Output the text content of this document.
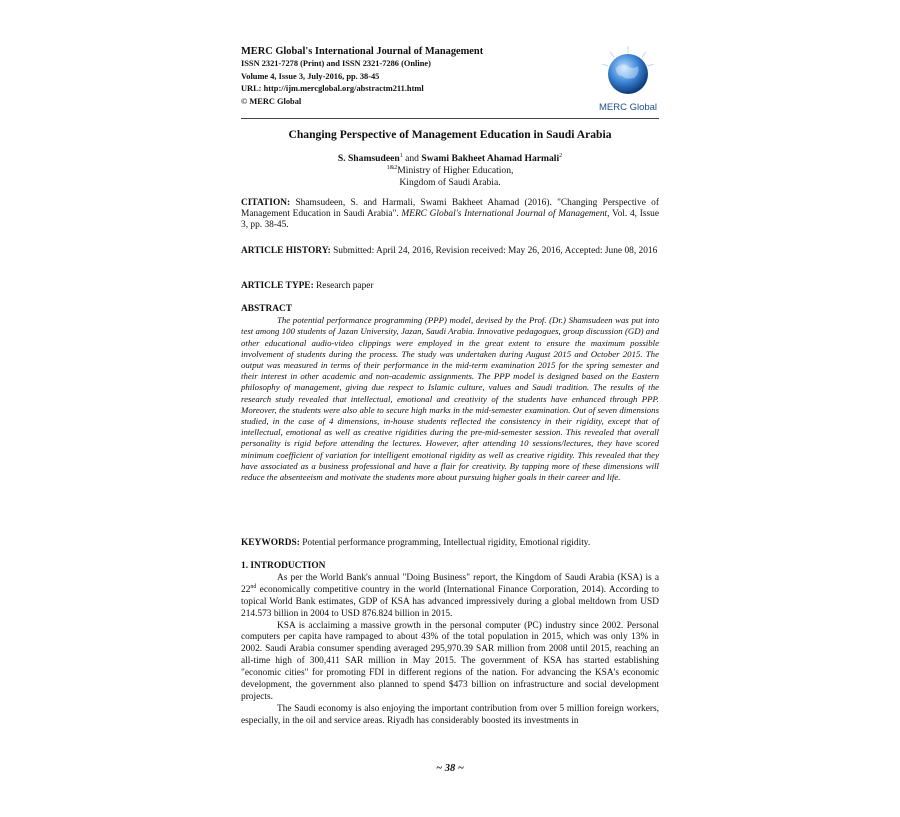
MERC Global's International Journal of Management
ISSN 2321-7278 (Print) and ISSN 2321-7286 (Online)
Volume 4, Issue 3, July-2016, pp. 38-45
URL: http://ijm.mercglobal.org/abstractm211.html
© MERC Global
MERC Global
Changing Perspective of Management Education in Saudi Arabia
S. Shamsudeen$^1$ and Swami Bakheet Ahamad Harmali$^2$
$^{1\&2}$Ministry of Higher Education,
Kingdom of Saudi Arabia.
CITATION: Shamsudeen, S. and Harmali, Swami Bakheet Ahamad (2016). "Changing Perspective of Management Education in Saudi Arabia". MERC Global's International Journal of Management, Vol. 4, Issue 3, pp. 38-45.
ARTICLE HISTORY: Submitted: April 24, 2016, Revision received: May 26, 2016, Accepted: June 08, 2016
ARTICLE TYPE: Research paper
ABSTRACT

The potential performance programming (PPP) model, devised by the Prof. (Dr.) Shamsudeen was put into test among 100 students of Jazan University, Jazan, Saudi Arabia. Innovative pedagogues, group discussion (GD) and other educational audio-video clippings were employed in the great extent to ensure the maximum possible involvement of students during the process. The study was undertaken during August 2015 and October 2015. The output was measured in terms of their performance in the mid-term examination 2015 for the spring semester and their interest in other academic and non-academic assignments. The PPP model is designed based on the Eastern philosophy of management, giving due respect to Islamic culture, values and Saudi tradition. The results of the research study revealed that intellectual, emotional and creativity of the students have enhanced through PPP. Moreover, the students were also able to secure high marks in the mid-semester examination. Out of seven dimensions studied, in the case of 4 dimensions, in-house students reflected the consistency in their rigidity, except that of intellectual, emotional as well as creative rigidities during the pre-mid-semester session. This revealed that overall personality is rigid before attending the lectures. However, after attending 10 sessions/lectures, they have scored minimum coefficient of variation for intelligent emotional rigidity as well as creative rigidity. This revealed that they have associated as a business professional and have a flair for creativity. By tapping more of these dimensions will reduce the absenteeism and motivate the students more about pursuing higher goals in their career and life.

KEYWORDS: Potential performance programming, Intellectual rigidity, Emotional rigidity.
1. INTRODUCTION

As per the World Bank's annual "Doing Business" report, the Kingdom of Saudi Arabia (KSA) is a 22nd economically competitive country in the world (International Finance Corporation, 2014). According to topical World Bank estimates, GDP of KSA has advanced impressively during a global meltdown from USD 214.573 billion in 2004 to USD 876.824 billion in 2015.

KSA is acclaiming a massive growth in the personal computer (PC) industry since 2002. Personal computers per capita have rampaged to about 43% of the total population in 2015, which was only 13% in 2002. Saudi Arabia consumer spending averaged 295,970.39 SAR million from 2008 until 2015, reaching an all-time high of 300,411 SAR million in May 2015. The government of KSA has started establishing "economic cities" for promoting FDI in different regions of the nation. For advancing the KSA's economic development, the government also planned to spend $473 billion on infrastructure and social development projects.

The Saudi economy is also enjoying the important contribution from over 5 million foreign workers, especially, in the oil and service areas. Riyadh has considerably boosted its investments in

~ 38 ~
